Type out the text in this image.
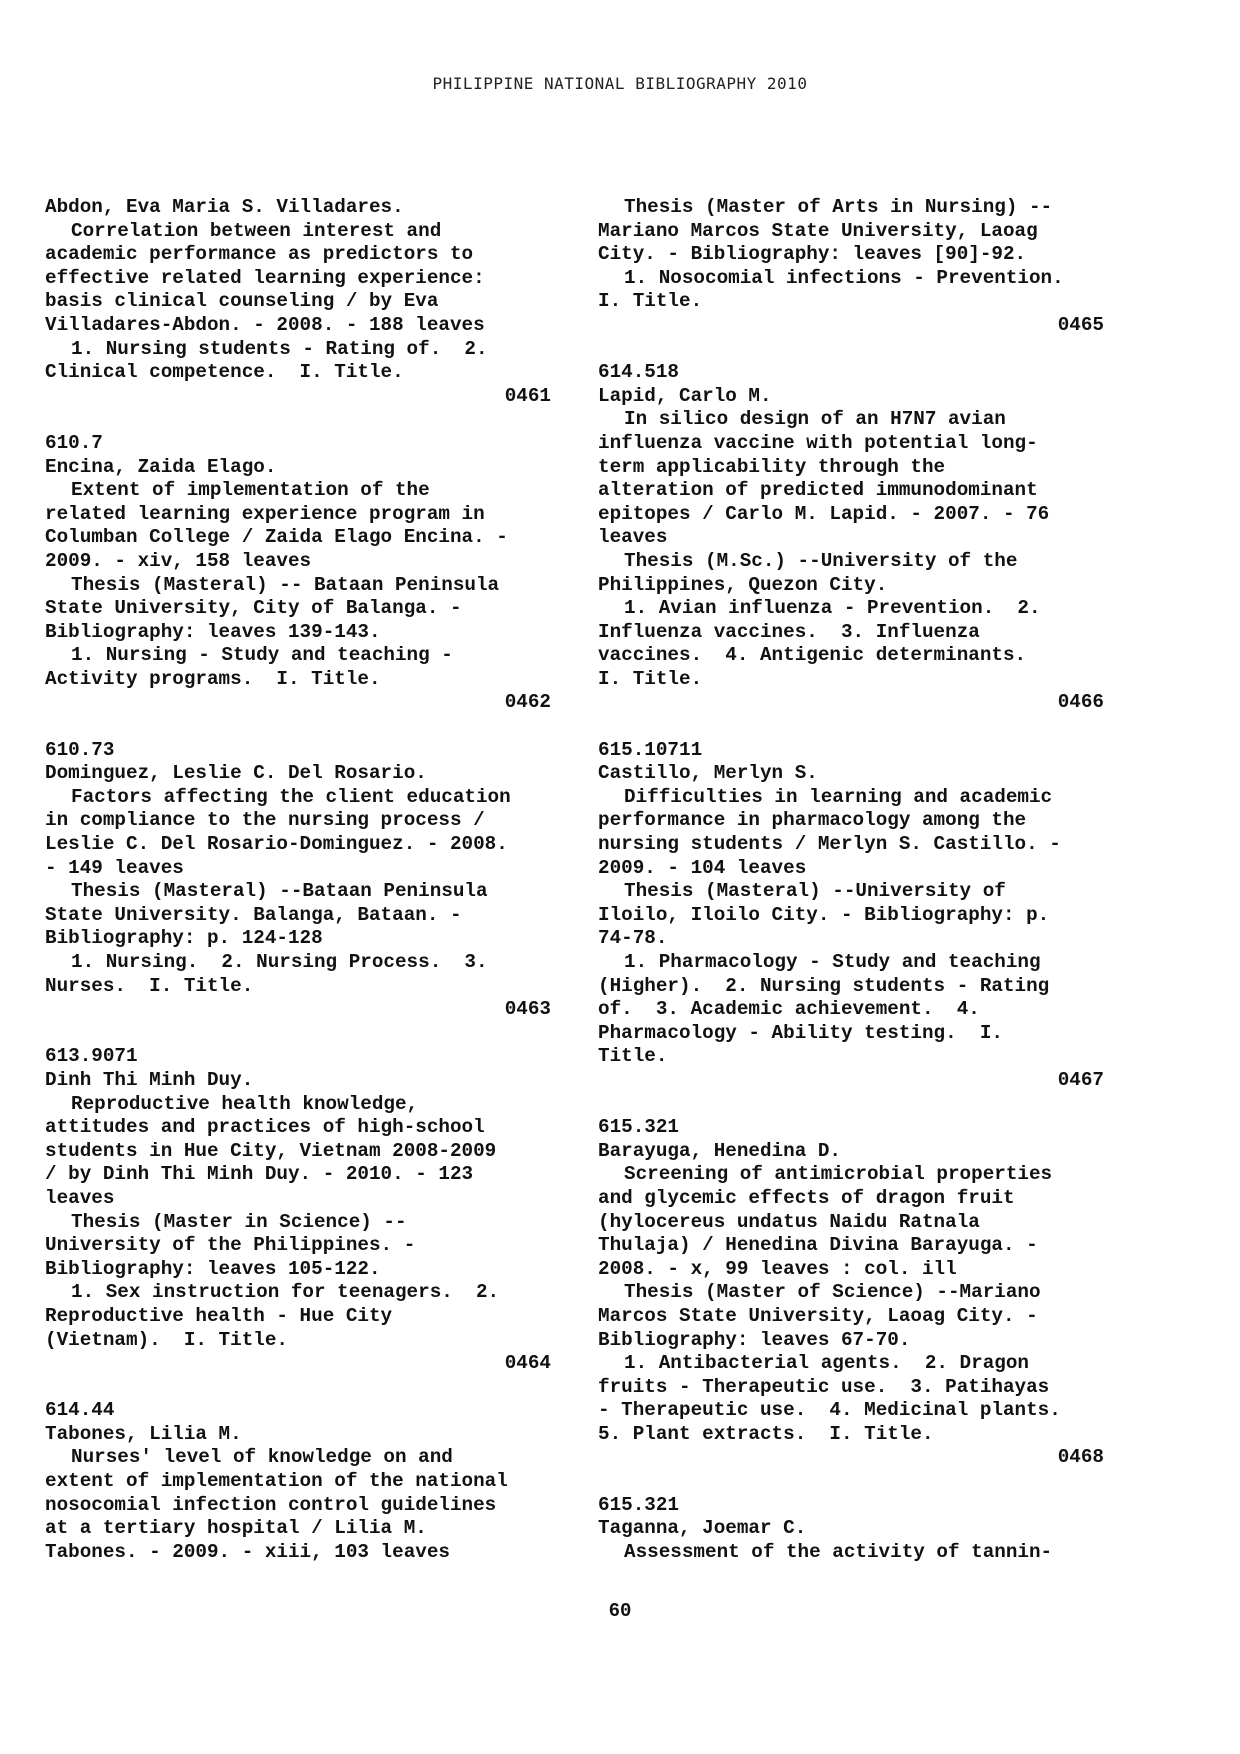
PHILIPPINE NATIONAL BIBLIOGRAPHY 2010
Abdon, Eva Maria S. Villadares.
Correlation between interest and
academic performance as predictors to
effective related learning experience:
basis clinical counseling / by Eva
Villadares-Abdon. - 2008. - 188 leaves
1. Nursing students - Rating of.  2.
Clinical competence.  I. Title.
0461
610.7
Encina, Zaida Elago.
Extent of implementation of the
related learning experience program in
Columban College / Zaida Elago Encina. -
2009. - xiv, 158 leaves
Thesis (Masteral) -- Bataan Peninsula
State University, City of Balanga. -
Bibliography: leaves 139-143.
1. Nursing - Study and teaching -
Activity programs.  I. Title.
0462
610.73
Dominguez, Leslie C. Del Rosario.
Factors affecting the client education
in compliance to the nursing process /
Leslie C. Del Rosario-Dominguez. - 2008.
- 149 leaves
Thesis (Masteral) --Bataan Peninsula
State University. Balanga, Bataan. -
Bibliography: p. 124-128
1. Nursing.  2. Nursing Process.  3.
Nurses.  I. Title.
0463
613.9071
Dinh Thi Minh Duy.
Reproductive health knowledge,
attitudes and practices of high-school
students in Hue City, Vietnam 2008-2009
/ by Dinh Thi Minh Duy. - 2010. - 123
leaves
Thesis (Master in Science) --
University of the Philippines. -
Bibliography: leaves 105-122.
1. Sex instruction for teenagers.  2.
Reproductive health - Hue City
(Vietnam).  I. Title.
0464
614.44
Tabones, Lilia M.
Nurses' level of knowledge on and
extent of implementation of the national
nosocomial infection control guidelines
at a tertiary hospital / Lilia M.
Tabones. - 2009. - xiii, 103 leaves
Thesis (Master of Arts in Nursing) --
Mariano Marcos State University, Laoag
City. - Bibliography: leaves [90]-92.
1. Nosocomial infections - Prevention.
I. Title.
0465
614.518
Lapid, Carlo M.
In silico design of an H7N7 avian
influenza vaccine with potential long-
term applicability through the
alteration of predicted immunodominant
epitopes / Carlo M. Lapid. - 2007. - 76
leaves
Thesis (M.Sc.) --University of the
Philippines, Quezon City.
1. Avian influenza - Prevention.  2.
Influenza vaccines.  3. Influenza
vaccines.  4. Antigenic determinants.
I. Title.
0466
615.10711
Castillo, Merlyn S.
Difficulties in learning and academic
performance in pharmacology among the
nursing students / Merlyn S. Castillo. -
2009. - 104 leaves
Thesis (Masteral) --University of
Iloilo, Iloilo City. - Bibliography: p.
74-78.
1. Pharmacology - Study and teaching
(Higher).  2. Nursing students - Rating
of.  3. Academic achievement.  4.
Pharmacology - Ability testing.  I.
Title.
0467
615.321
Barayuga, Henedina D.
Screening of antimicrobial properties
and glycemic effects of dragon fruit
(hylocereus undatus Naidu Ratnala
Thulaja) / Henedina Divina Barayuga. -
2008. - x, 99 leaves : col. ill
Thesis (Master of Science) --Mariano
Marcos State University, Laoag City. -
Bibliography: leaves 67-70.
1. Antibacterial agents.  2. Dragon
fruits - Therapeutic use.  3. Patihayas
- Therapeutic use.  4. Medicinal plants.
5. Plant extracts.  I. Title.
0468
615.321
Taganna, Joemar C.
Assessment of the activity of tannin-
60
